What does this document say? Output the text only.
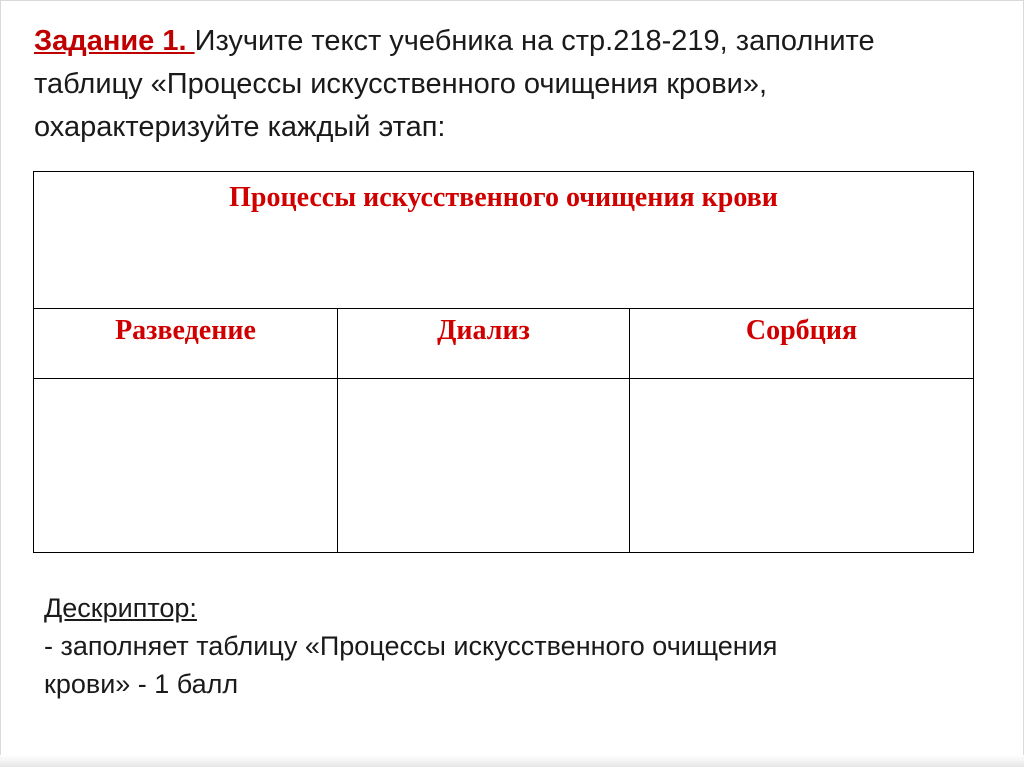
Задание 1. Изучите текст учебника на стр.218-219, заполните
таблицу «Процессы искусственного очищения крови»,
охарактеризуйте каждый этап:
Процессы искусственного очищения крови
Разведение	Диализ	Сорбция
Дескриптор:
- заполняет таблицу «Процессы искусственного очищения
крови» - 1 балл
